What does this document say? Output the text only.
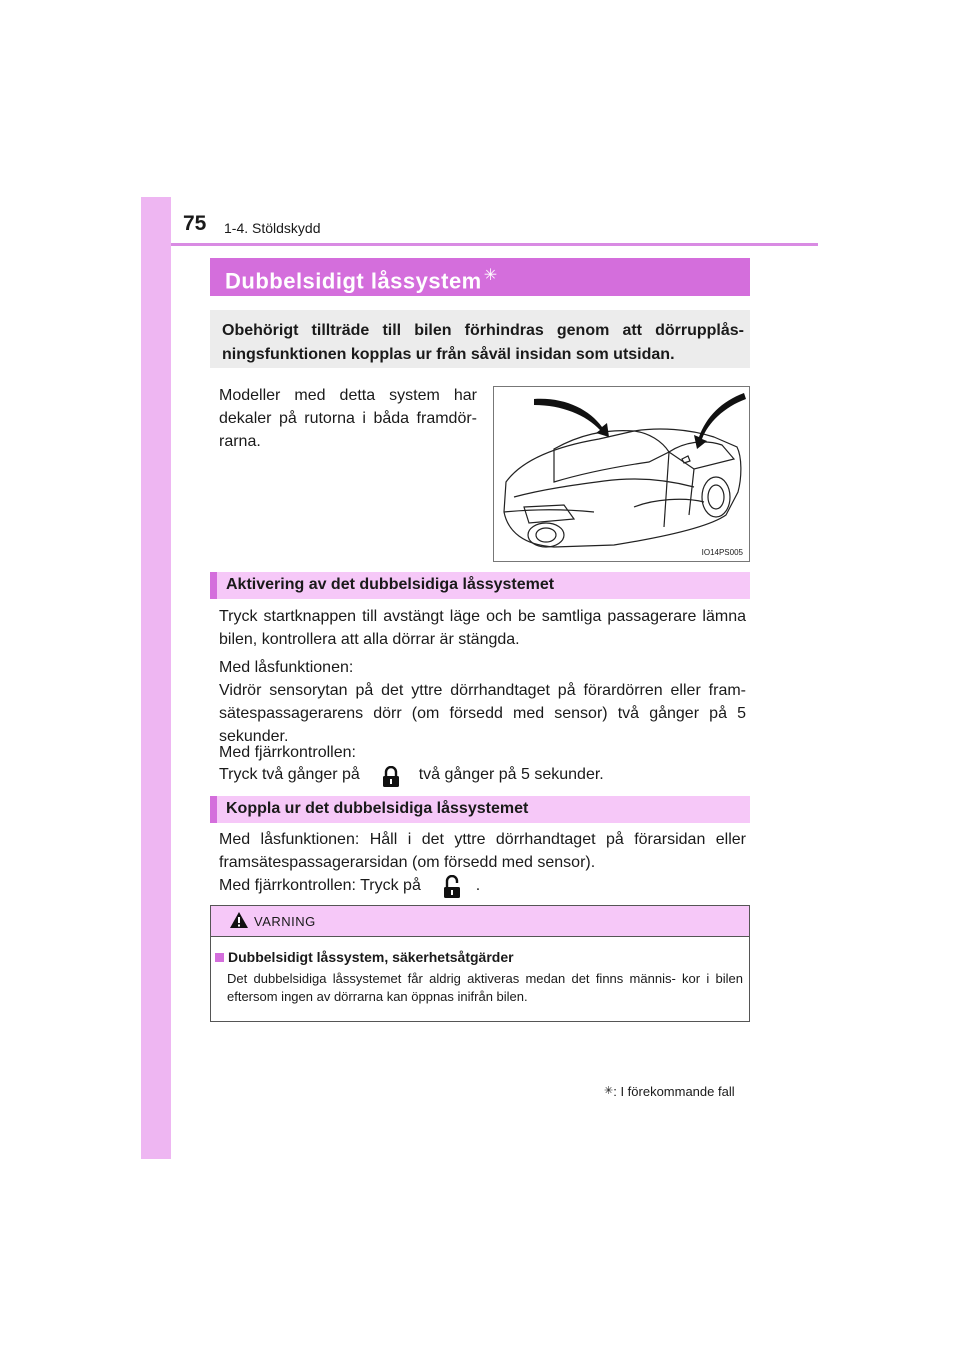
75 1-4. Stöldskydd
Dubbelsidigt låssystem ✳

Obehörigt tillträde till bilen förhindras genom att dörrupplås- ningsfunktionen kopplas ur från såväl insidan som utsidan.

Modeller med detta system har
dekaler på rutorna i båda framdör-
rarna.
IO14PS005
Aktivering av det dubbelsidiga låssystemet

Tryck startknappen till avstängt läge och be samtliga passagerare lämna bilen, kontrollera att alla dörrar är stängda.

Med låsfunktionen:

Vidrör sensorytan på det yttre dörrhandtaget på förardörren eller fram- sätespassagerarens dörr (om försedd med sensor) två gånger på 5 sekunder.

Med fjärrkontrollen:

Tryck två gånger på	två gånger på 5 sekunder.

Koppla ur det dubbelsidiga låssystemet

Med låsfunktionen: Håll i det yttre dörrhandtaget på förarsidan eller framsätespassagerarsidan (om försedd med sensor).

Med fjärrkontrollen: Tryck på	.

VARNING
Dubbelsidigt låssystem, säkerhetsåtgärder

Det dubbelsidiga låssystemet får aldrig aktiveras medan det finns männis- kor i bilen eftersom ingen av dörrarna kan öppnas inifrån bilen.

✳: I förekommande fall
